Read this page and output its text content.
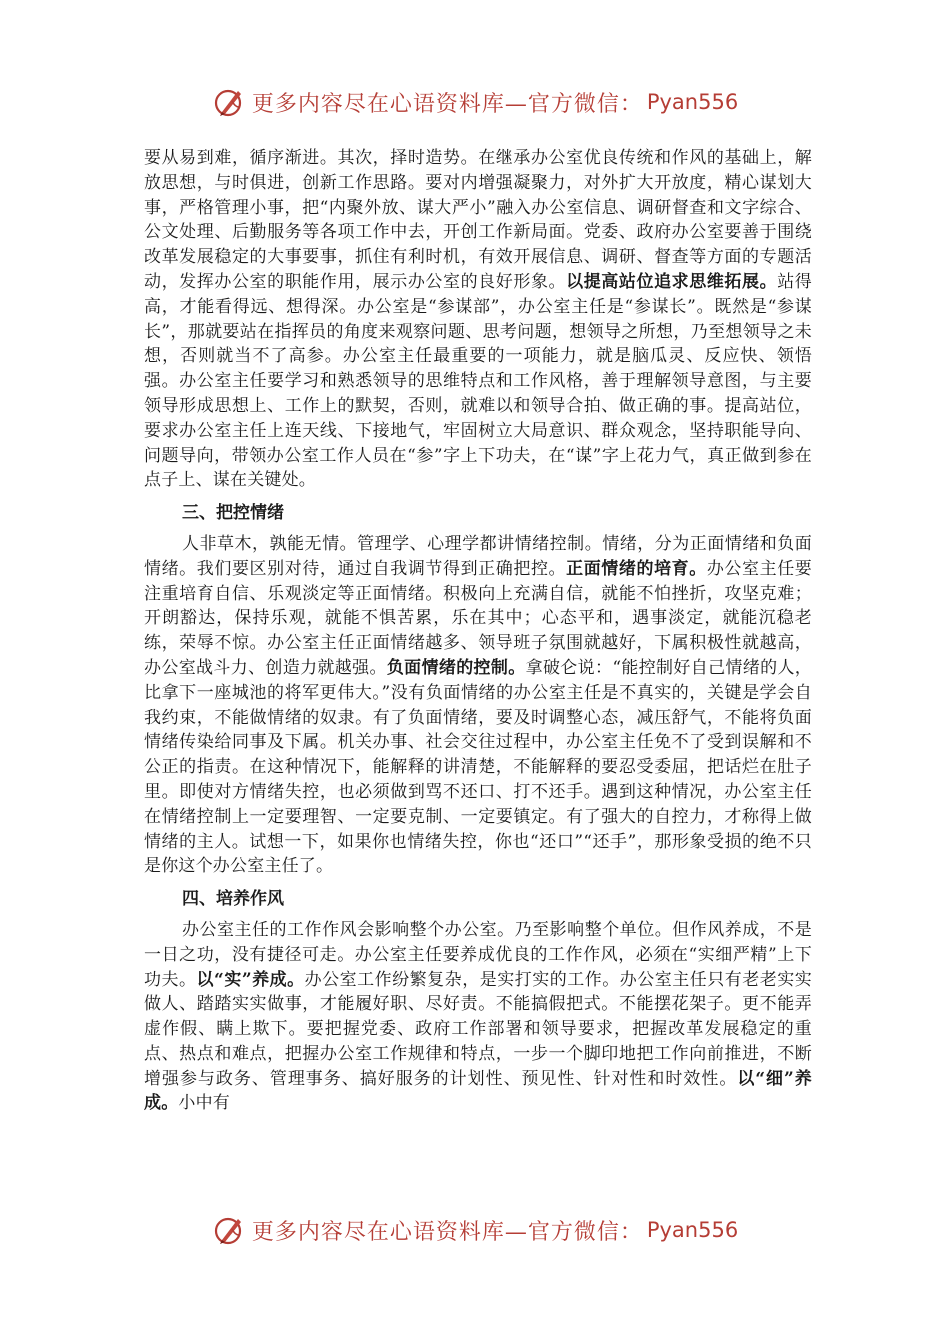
更多内容尽在心语资料库—官方微信： Pyan556

要从易到难，循序渐进。其次，择时造势。在继承办公室优良传统和作风的基础上，解放思想，与时俱进，创新工作思路。要对内增强凝聚力，对外扩大开放度，精心谋划大事，严格管理小事，把“内聚外放、谋大严小”融入办公室信息、调研督查和文字综合、公文处理、后勤服务等各项工作中去，开创工作新局面。党委、政府办公室要善于围绕改革发展稳定的大事要事，抓住有利时机，有效开展信息、调研、督查等方面的专题活动，发挥办公室的职能作用，展示办公室的良好形象。以提高站位追求思维拓展。站得高，才能看得远、想得深。办公室是“参谋部”，办公室主任是“参谋长”。既然是“参谋长”，那就要站在指挥员的角度来观察问题、思考问题，想领导之所想，乃至想领导之未想，否则就当不了高参。办公室主任最重要的一项能力，就是脑瓜灵、反应快、领悟强。办公室主任要学习和熟悉领导的思维特点和工作风格，善于理解领导意图，与主要领导形成思想上、工作上的默契，否则，就难以和领导合拍、做正确的事。提高站位，要求办公室主任上连天线、下接地气，牢固树立大局意识、群众观念，坚持职能导向、问题导向，带领办公室工作人员在“参”字上下功夫，在“谋”字上花力气，真正做到参在点子上、谋在关键处。

三、把控情绪

人非草木，孰能无情。管理学、心理学都讲情绪控制。情绪，分为正面情绪和负面情绪。我们要区别对待，通过自我调节得到正确把控。正面情绪的培育。办公室主任要注重培育自信、乐观淡定等正面情绪。积极向上充满自信，就能不怕挫折，攻坚克难；开朗豁达，保持乐观，就能不惧苦累，乐在其中；心态平和，遇事淡定，就能沉稳老练，荣辱不惊。办公室主任正面情绪越多、领导班子氛围就越好，下属积极性就越高，办公室战斗力、创造力就越强。负面情绪的控制。拿破仑说：“能控制好自己情绪的人，比拿下一座城池的将军更伟大。”没有负面情绪的办公室主任是不真实的，关键是学会自我约束，不能做情绪的奴隶。有了负面情绪，要及时调整心态，减压舒气，不能将负面情绪传染给同事及下属。机关办事、社会交往过程中，办公室主任免不了受到误解和不公正的指责。在这种情况下，能解释的讲清楚，不能解释的要忍受委屈，把话烂在肚子里。即使对方情绪失控，也必须做到骂不还口、打不还手。遇到这种情况，办公室主任在情绪控制上一定要理智、一定要克制、一定要镇定。有了强大的自控力，才称得上做情绪的主人。试想一下，如果你也情绪失控，你也“还口”“还手”，那形象受损的绝不只是你这个办公室主任了。

四、培养作风

办公室主任的工作作风会影响整个办公室。乃至影响整个单位。但作风养成，不是一日之功，没有捷径可走。办公室主任要养成优良的工作作风，必须在“实细严精”上下功夫。以“实”养成。办公室工作纷繁复杂，是实打实的工作。办公室主任只有老老实实做人、踏踏实实做事，才能履好职、尽好责。不能搞假把式。不能摆花架子。更不能弄虚作假、瞒上欺下。要把握党委、政府工作部署和领导要求，把握改革发展稳定的重点、热点和难点，把握办公室工作规律和特点，一步一个脚印地把工作向前推进，不断增强参与政务、管理事务、搞好服务的计划性、预见性、针对性和时效性。以“细”养成。小中有

更多内容尽在心语资料库—官方微信： Pyan556
